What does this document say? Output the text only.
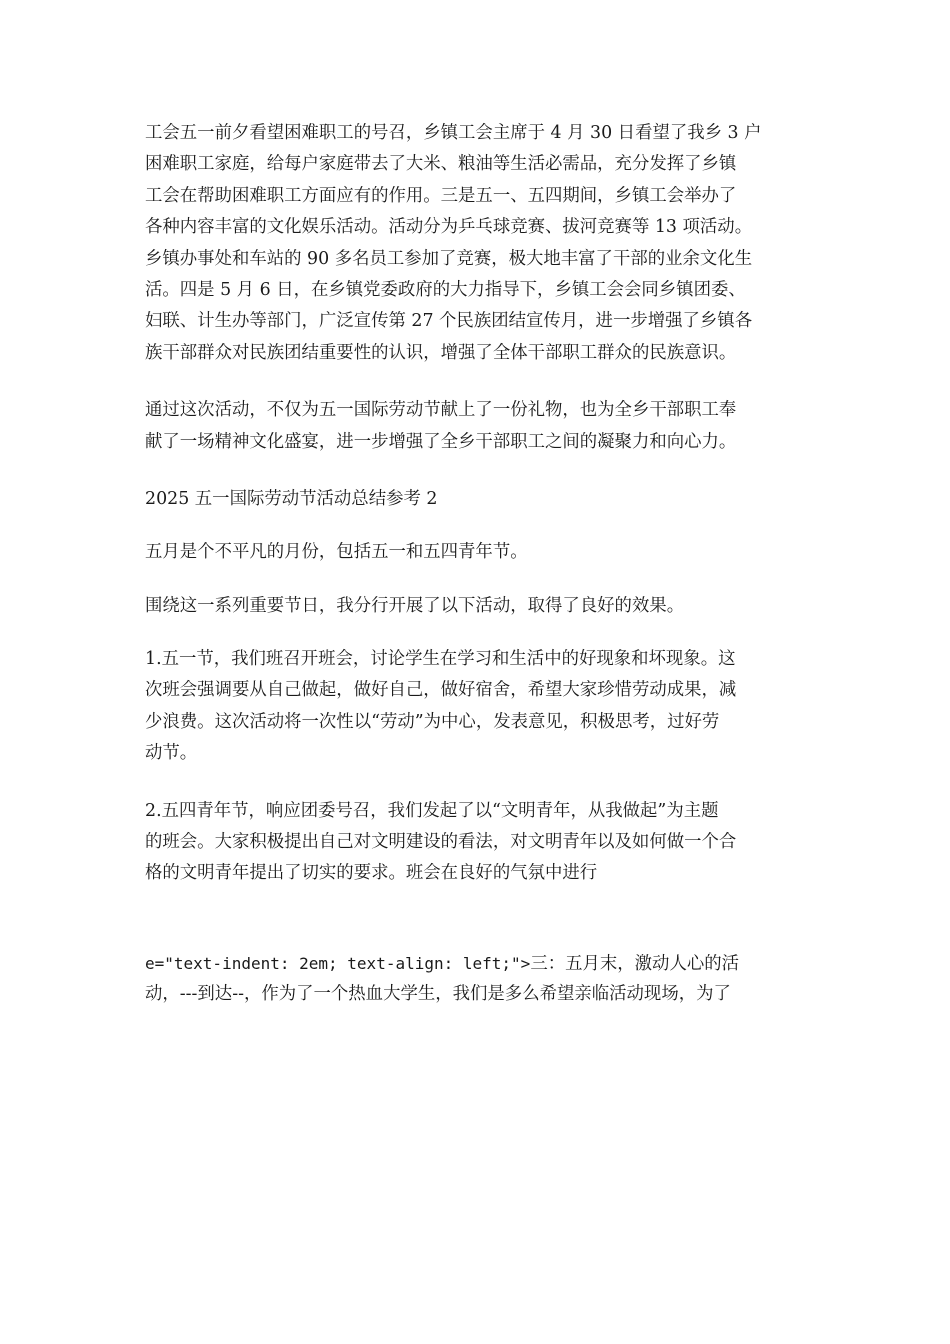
工会五一前夕看望困难职工的号召，乡镇工会主席于 4 月 30 日看望了我乡 3 户
困难职工家庭，给每户家庭带去了大米、粮油等生活必需品，充分发挥了乡镇
工会在帮助困难职工方面应有的作用。三是五一、五四期间，乡镇工会举办了
各种内容丰富的文化娱乐活动。活动分为乒乓球竞赛、拔河竞赛等 13 项活动。
乡镇办事处和车站的 90 多名员工参加了竞赛，极大地丰富了干部的业余文化生
活。四是 5 月 6 日，在乡镇党委政府的大力指导下，乡镇工会会同乡镇团委、
妇联、计生办等部门，广泛宣传第 27 个民族团结宣传月，进一步增强了乡镇各
族干部群众对民族团结重要性的认识，增强了全体干部职工群众的民族意识。

通过这次活动，不仅为五一国际劳动节献上了一份礼物，也为全乡干部职工奉
献了一场精神文化盛宴，进一步增强了全乡干部职工之间的凝聚力和向心力。

2025 五一国际劳动节活动总结参考 2

五月是个不平凡的月份，包括五一和五四青年节。

围绕这一系列重要节日，我分行开展了以下活动，取得了良好的效果。

1.五一节，我们班召开班会，讨论学生在学习和生活中的好现象和坏现象。这
次班会强调要从自己做起，做好自己，做好宿舍，希望大家珍惜劳动成果，减
少浪费。这次活动将一次性以“劳动”为中心，发表意见，积极思考，过好劳
动节。

2.五四青年节，响应团委号召，我们发起了以“文明青年，从我做起”为主题
的班会。大家积极提出自己对文明建设的看法，对文明青年以及如何做一个合
格的文明青年提出了切实的要求。班会在良好的气氛中进行

e="text-indent: 2em; text-align: left;">三：五月末，激动人心的活
动，---到达--，作为了一个热血大学生，我们是多么希望亲临活动现场，为了
